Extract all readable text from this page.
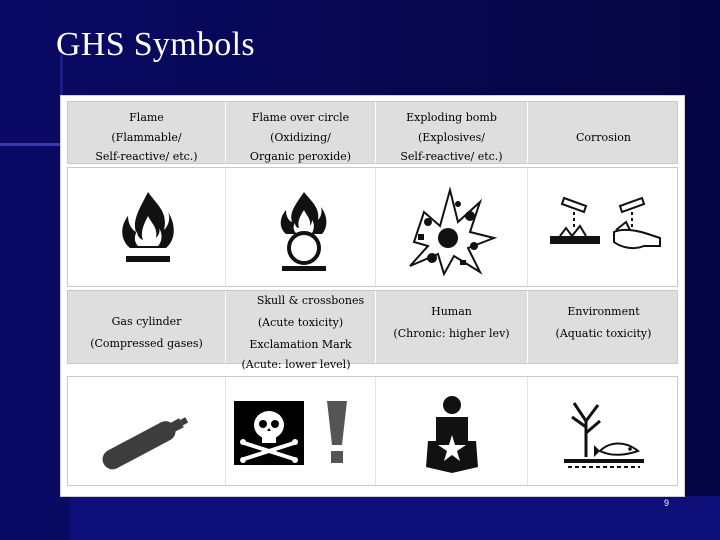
GHS Symbols
Flame
(Flammable/
Self-reactive/ etc.)
Flame over circle
(Oxidizing/
Organic peroxide)
Exploding bomb
(Explosives/
Self-reactive/ etc.)
Corrosion
Gas cylinder
(Compressed gases)
Skull & crossbones
(Acute toxicity)
Exclamation Mark
Human
(Chronic: higher lev)
Environment
(Aquatic toxicity)
(Acute: lower level)
9
